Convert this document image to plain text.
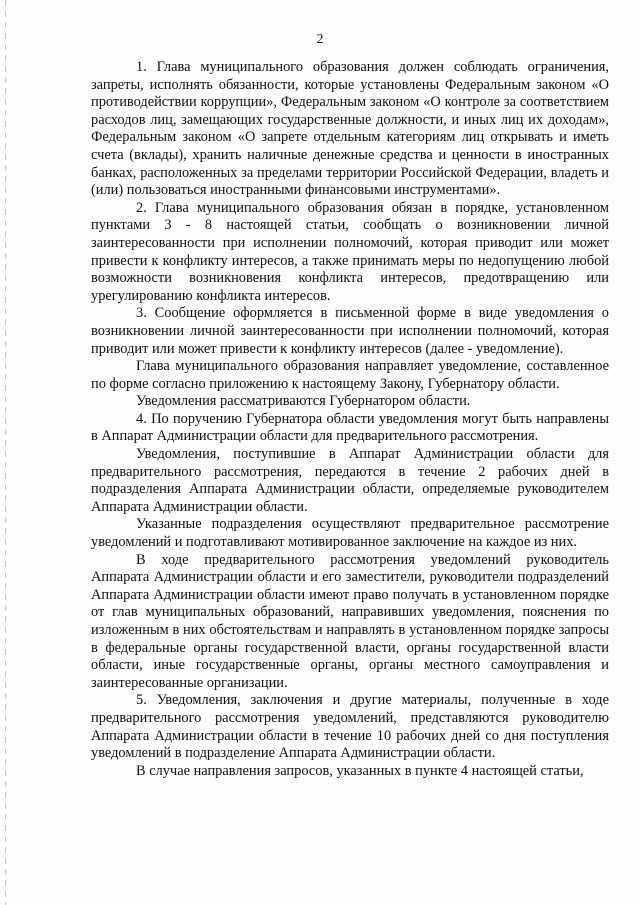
2

1. Глава муниципального образования должен соблюдать ограничения, запреты, исполнять обязанности, которые установлены Федеральным законом «О противодействии коррупции», Федеральным законом «О контроле за соответствием расходов лиц, замещающих государственные должности, и иных лиц их доходам», Федеральным законом «О запрете отдельным категориям лиц открывать и иметь счета (вклады), хранить наличные денежные средства и ценности в иностранных банках, расположенных за пределами территории Российской Федерации, владеть и (или) пользоваться иностранными финансовыми инструментами».

2. Глава муниципального образования обязан в порядке, установленном пунктами 3 - 8 настоящей статьи, сообщать о возникновении личной заинтересованности при исполнении полномочий, которая приводит или может привести к конфликту интересов, а также принимать меры по недопущению любой возможности возникновения конфликта интересов, предотвращению или урегулированию конфликта интересов.

3. Сообщение оформляется в письменной форме в виде уведомления о возникновении личной заинтересованности при исполнении полномочий, которая приводит или может привести к конфликту интересов (далее - уведомление).

Глава муниципального образования направляет уведомление, составленное по форме согласно приложению к настоящему Закону, Губернатору области.

Уведомления рассматриваются Губернатором области.

4. По поручению Губернатора области уведомления могут быть направлены в Аппарат Администрации области для предварительного рассмотрения.

Уведомления, поступившие в Аппарат Администрации области для предварительного рассмотрения, передаются в течение 2 рабочих дней в подразделения Аппарата Администрации области, определяемые руководителем Аппарата Администрации области.

Указанные подразделения осуществляют предварительное рассмотрение уведомлений и подготавливают мотивированное заключение на каждое из них.

В ходе предварительного рассмотрения уведомлений руководитель Аппарата Администрации области и его заместители, руководители подразделений Аппарата Администрации области имеют право получать в установленном порядке от глав муниципальных образований, направивших уведомления, пояснения по изложенным в них обстоятельствам и направлять в установленном порядке запросы в федеральные органы государственной власти, органы государственной власти области, иные государственные органы, органы местного самоуправления и заинтересованные организации.

5. Уведомления, заключения и другие материалы, полученные в ходе предварительного рассмотрения уведомлений, представляются руководителю Аппарата Администрации области в течение 10 рабочих дней со дня поступления уведомлений в подразделение Аппарата Администрации области.

В случае направления запросов, указанных в пункте 4 настоящей статьи,
